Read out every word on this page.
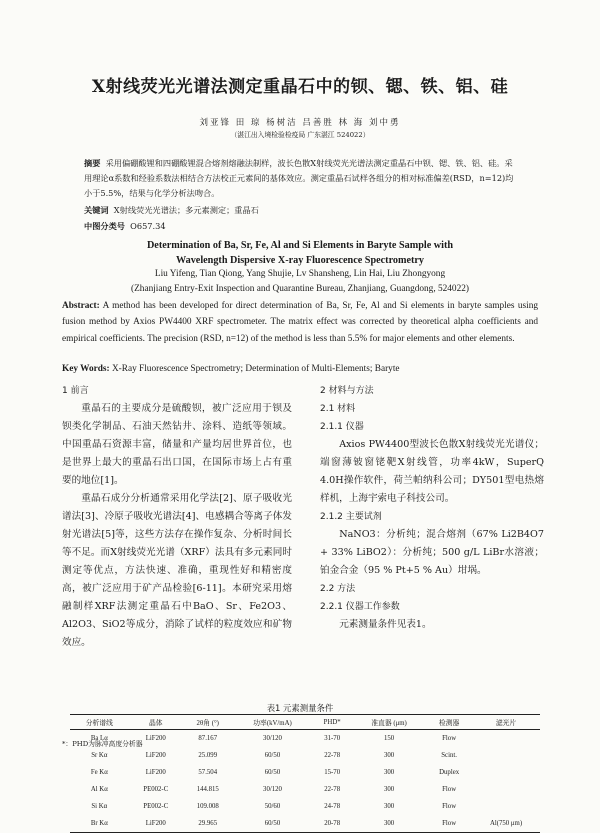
X射线荧光光谱法测定重晶石中的钡、锶、铁、铝、硅
刘亚锋 田 琼 杨树洁 吕善胜 林 海 刘中勇
（湛江出入境检验检疫局 广东湛江 524022）
摘要 采用偏硼酸锂和四硼酸锂混合熔剂熔融法制样，波长色散X射线荧光光谱法测定重晶石中钡、锶、铁、铝、硅。采用理论α系数和经验系数法相结合方法校正元素间的基体效应。测定重晶石试样各组分的相对标准偏差(RSD，n=12)均小于5.5%，结果与化学分析法吻合。
关键词 X射线荧光光谱法；多元素测定；重晶石
中图分类号 O657.34
Determination of Ba, Sr, Fe, Al and Si Elements in Baryte Sample with
Wavelength Dispersive X-ray Fluorescence Spectrometry
Liu Yifeng, Tian Qiong, Yang Shujie, Lv Shansheng, Lin Hai, Liu Zhongyong
(Zhanjiang Entry-Exit Inspection and Quarantine Bureau, Zhanjiang, Guangdong, 524022)
Abstract: A method has been developed for direct determination of Ba, Sr, Fe, Al and Si elements in baryte samples using fusion method by Axios PW4400 XRF spectrometer. The matrix effect was corrected by theoretical alpha coefficients and empirical coefficients. The precision (RSD, n=12) of the method is less than 5.5% for major elements and other elements.
Key Words: X-Ray Fluorescence Spectrometry; Determination of Multi-Elements; Baryte
1 前言
重晶石的主要成分是硫酸钡，被广泛应用于钡及钡类化学制品、石油天然钻井、涂料、造纸等领域。中国重晶石资源丰富，储量和产量均居世界首位，也是世界上最大的重晶石出口国，在国际市场上占有重要的地位[1]。
重晶石成分分析通常采用化学法[2]、原子吸收光谱法[3]、冷原子吸收光谱法[4]、电感耦合等离子体发射光谱法[5]等，这些方法存在操作复杂、分析时间长等不足。而X射线荧光光谱（XRF）法具有多元素同时测定等优点，方法快速、准确，重现性好和精密度高，被广泛应用于矿产品检验[6-11]。本研究采用熔融制样XRF法测定重晶石中BaO、Sr、Fe2O3、Al2O3、SiO2等成分，消除了试样的粒度效应和矿物效应。
2 材料与方法
2.1 材料
2.1.1 仪器
Axios PW4400型波长色散X射线荧光光谱仪；端窗薄铍窗铑靶X射线管，功率4kW，SuperQ 4.0H操作软件，荷兰帕纳科公司；DY501型电热熔样机，上海宇索电子科技公司。
2.1.2 主要试剂
NaNO3：分析纯；混合熔剂（67% Li2B4O7 + 33% LiBO2）：分析纯；500 g/L LiBr水溶液；铂金合金（95 % Pt+5 % Au）坩埚。
2.2 方法
2.2.1 仪器工作参数
元素测量条件见表1。
表1 元素测量条件
分析谱线	晶体	2θ角 (°)	功率(kV/mA)	PHD*	准直器 (μm)	检测器	滤光片
Ba Lα	LiF200	87.167	30/120	31-70	150	Flow	
Sr Kα	LiF200	25.099	60/50	22-78	300	Scint.	
Fe Kα	LiF200	57.504	60/50	15-70	300	Duplex	
Al Kα	PE002-C	144.815	30/120	22-78	300	Flow	
Si Kα	PE002-C	109.008	50/60	24-78	300	Flow	
Br Kα	LiF200	29.965	60/50	20-78	300	Flow	Al(750 μm)
*：PHD为脉冲高度分析器
